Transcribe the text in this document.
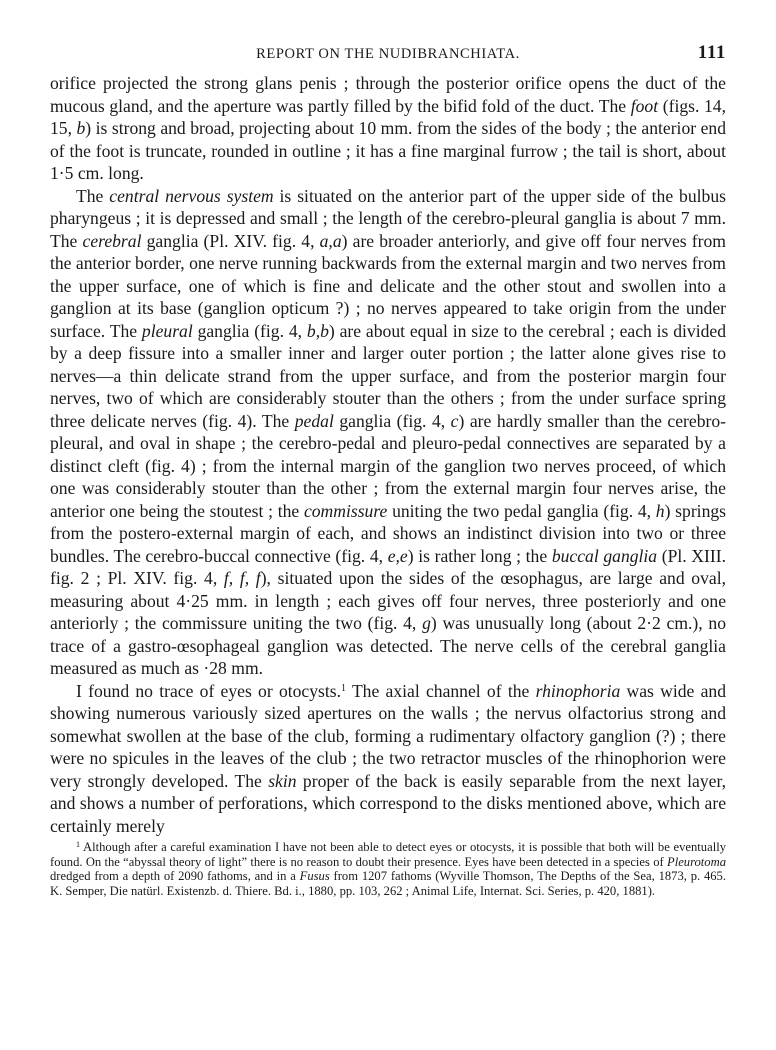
REPORT ON THE NUDIBRANCHIATA.	111

orifice projected the strong glans penis ; through the posterior orifice opens the duct of the mucous gland, and the aperture was partly filled by the bifid fold of the duct. The foot (figs. 14, 15, b) is strong and broad, projecting about 10 mm. from the sides of the body ; the anterior end of the foot is truncate, rounded in outline ; it has a fine marginal furrow ; the tail is short, about 1·5 cm. long.

The central nervous system is situated on the anterior part of the upper side of the bulbus pharyngeus ; it is depressed and small ; the length of the cerebro-pleural ganglia is about 7 mm. The cerebral ganglia (Pl. XIV. fig. 4, a,a) are broader anteriorly, and give off four nerves from the anterior border, one nerve running backwards from the external margin and two nerves from the upper surface, one of which is fine and delicate and the other stout and swollen into a ganglion at its base (ganglion opticum ?) ; no nerves appeared to take origin from the under surface. The pleural ganglia (fig. 4, b,b) are about equal in size to the cerebral ; each is divided by a deep fissure into a smaller inner and larger outer portion ; the latter alone gives rise to nerves—a thin delicate strand from the upper surface, and from the posterior margin four nerves, two of which are considerably stouter than the others ; from the under surface spring three delicate nerves (fig. 4). The pedal ganglia (fig. 4, c) are hardly smaller than the cerebro-pleural, and oval in shape ; the cerebro-pedal and pleuro-pedal connectives are separated by a distinct cleft (fig. 4) ; from the internal margin of the ganglion two nerves proceed, of which one was considerably stouter than the other ; from the external margin four nerves arise, the anterior one being the stoutest ; the commissure uniting the two pedal ganglia (fig. 4, h) springs from the postero-external margin of each, and shows an indistinct division into two or three bundles. The cerebro-buccal connective (fig. 4, e,e) is rather long ; the buccal ganglia (Pl. XIII. fig. 2 ; Pl. XIV. fig. 4, f, f, f), situated upon the sides of the œsophagus, are large and oval, measuring about 4·25 mm. in length ; each gives off four nerves, three posteriorly and one anteriorly ; the commissure uniting the two (fig. 4, g) was unusually long (about 2·2 cm.), no trace of a gastro-œsophageal ganglion was detected. The nerve cells of the cerebral ganglia measured as much as ·28 mm.

I found no trace of eyes or otocysts.$^1$ The axial channel of the rhinophoria was wide and showing numerous variously sized apertures on the walls ; the nervus olfactorius strong and somewhat swollen at the base of the club, forming a rudimentary olfactory ganglion (?) ; there were no spicules in the leaves of the club ; the two retractor muscles of the rhinophorion were very strongly developed. The skin proper of the back is easily separable from the next layer, and shows a number of perforations, which correspond to the disks mentioned above, which are certainly merely

$^1$ Although after a careful examination I have not been able to detect eyes or otocysts, it is possible that both will be eventually found. On the “abyssal theory of light” there is no reason to doubt their presence. Eyes have been detected in a species of Pleurotoma dredged from a depth of 2090 fathoms, and in a Fusus from 1207 fathoms (Wyville Thomson, The Depths of the Sea, 1873, p. 465. K. Semper, Die natürl. Existenzb. d. Thiere. Bd. i., 1880, pp. 103, 262 ; Animal Life, Internat. Sci. Series, p. 420, 1881).
